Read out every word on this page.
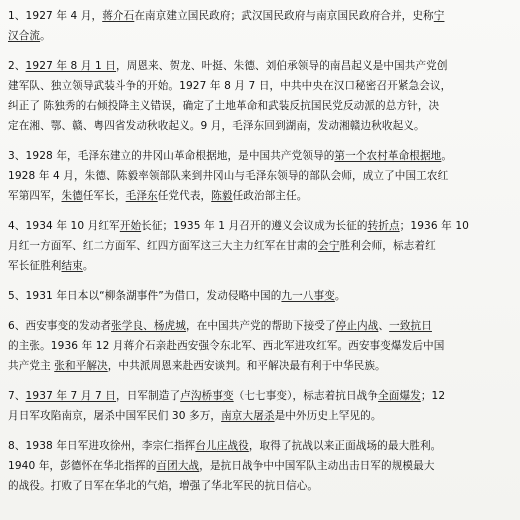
1、1927 年 4 月，蒋介石在南京建立国民政府；武汉国民政府与南京国民政府合并，史称宁
汉合流。
2、1927 年 8 月 1 日，周恩来、贺龙、叶挺、朱德、刘伯承领导的南昌起义是中国共产党创
建军队、独立领导武装斗争的开始。1927 年 8 月 7 日，中共中央在汉口秘密召开紧急会议，
纠正了 陈独秀的右倾投降主义错误，确定了土地革命和武装反抗国民党反动派的总方针，决
定在湘、鄂、赣、粤四省发动秋收起义。9 月，毛泽东回到湖南，发动湘赣边秋收起义。
3、1928 年，毛泽东建立的井冈山革命根据地，是中国共产党领导的第一个农村革命根据地。
1928 年 4 月，朱德、陈毅率领部队来到井冈山与毛泽东领导的部队会师，成立了中国工农红
军第四军，朱德任军长，毛泽东任党代表，陈毅任政治部主任。
4、1934 年 10 月红军开始长征；1935 年 1 月召开的遵义会议成为长征的转折点；1936 年 10
月红一方面军、红二方面军、红四方面军这三大主力红军在甘肃的会宁胜利会师，标志着红
军长征胜利结束。
5、1931 年日本以“柳条湖事件”为借口，发动侵略中国的九一八事变。
6、西安事变的发动者张学良、杨虎城，在中国共产党的帮助下接受了停止内战、一致抗日
的主张。1936 年 12 月蒋介石亲赴西安强令东北军、西北军进攻红军。西安事变爆发后中国
共产党主 张和平解决，中共派周恩来赴西安谈判。和平解决最有利于中华民族。
7、1937 年 7 月 7 日，日军制造了卢沟桥事变（七七事变），标志着抗日战争全面爆发；12
月日军攻陷南京，屠杀中国军民们 30 多万，南京大屠杀是中外历史上罕见的。
8、1938 年日军进攻徐州，李宗仁指挥台儿庄战役，取得了抗战以来正面战场的最大胜利。
1940 年，彭德怀在华北指挥的百团大战，是抗日战争中中国军队主动出击日军的规模最大
的战役。打败了日军在华北的气焰，增强了华北军民的抗日信心。
